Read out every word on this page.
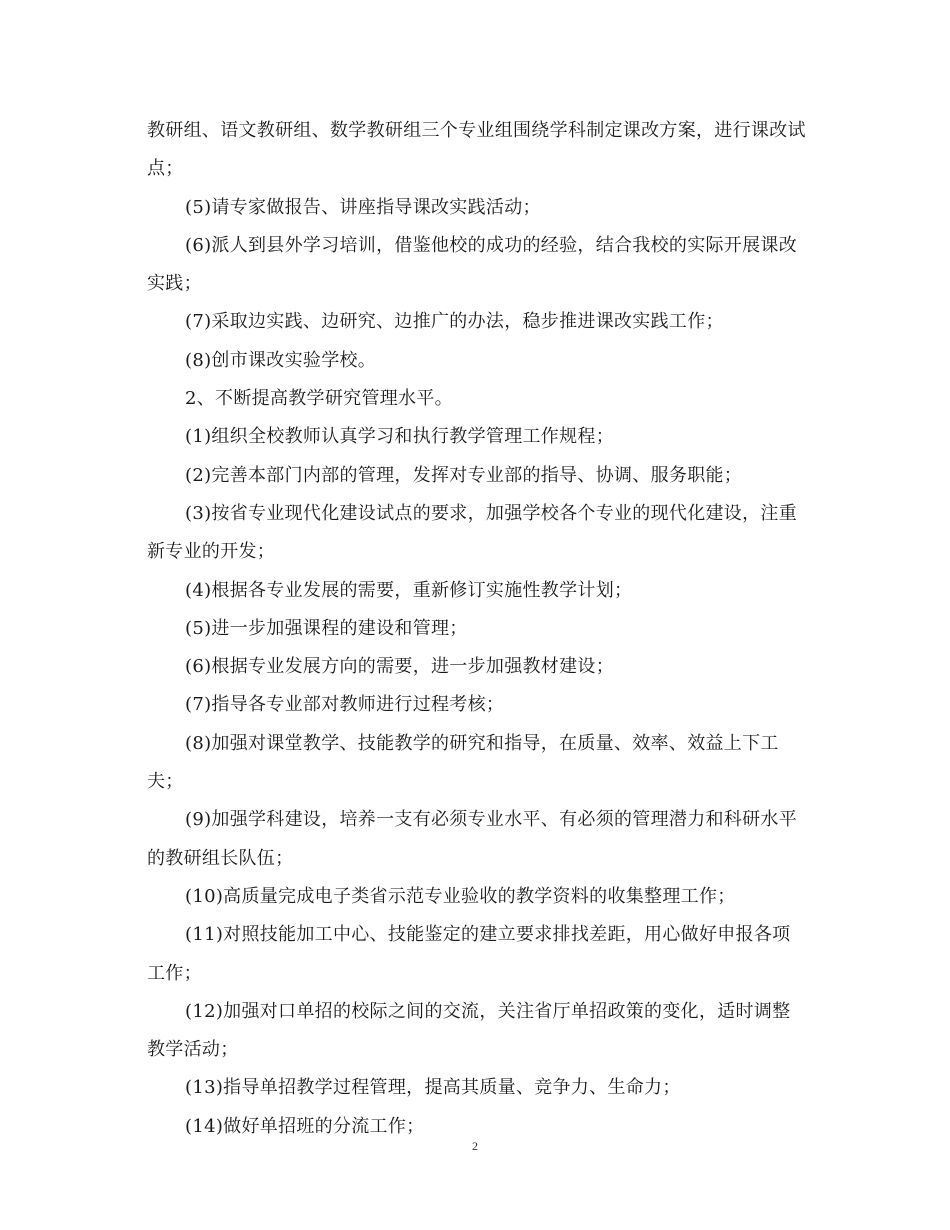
教研组、语文教研组、数学教研组三个专业组围绕学科制定课改方案，进行课改试点；

(5)请专家做报告、讲座指导课改实践活动；

(6)派人到县外学习培训，借鉴他校的成功的经验，结合我校的实际开展课改实践；

(7)采取边实践、边研究、边推广的办法，稳步推进课改实践工作；

(8)创市课改实验学校。

2、不断提高教学研究管理水平。

(1)组织全校教师认真学习和执行教学管理工作规程；

(2)完善本部门内部的管理，发挥对专业部的指导、协调、服务职能；

(3)按省专业现代化建设试点的要求，加强学校各个专业的现代化建设，注重新专业的开发；

(4)根据各专业发展的需要，重新修订实施性教学计划；

(5)进一步加强课程的建设和管理；

(6)根据专业发展方向的需要，进一步加强教材建设；

(7)指导各专业部对教师进行过程考核；

(8)加强对课堂教学、技能教学的研究和指导，在质量、效率、效益上下工夫；

(9)加强学科建设，培养一支有必须专业水平、有必须的管理潜力和科研水平的教研组长队伍；

(10)高质量完成电子类省示范专业验收的教学资料的收集整理工作；

(11)对照技能加工中心、技能鉴定的建立要求排找差距，用心做好申报各项工作；

(12)加强对口单招的校际之间的交流，关注省厅单招政策的变化，适时调整教学活动；

(13)指导单招教学过程管理，提高其质量、竞争力、生命力；

(14)做好单招班的分流工作；

2
